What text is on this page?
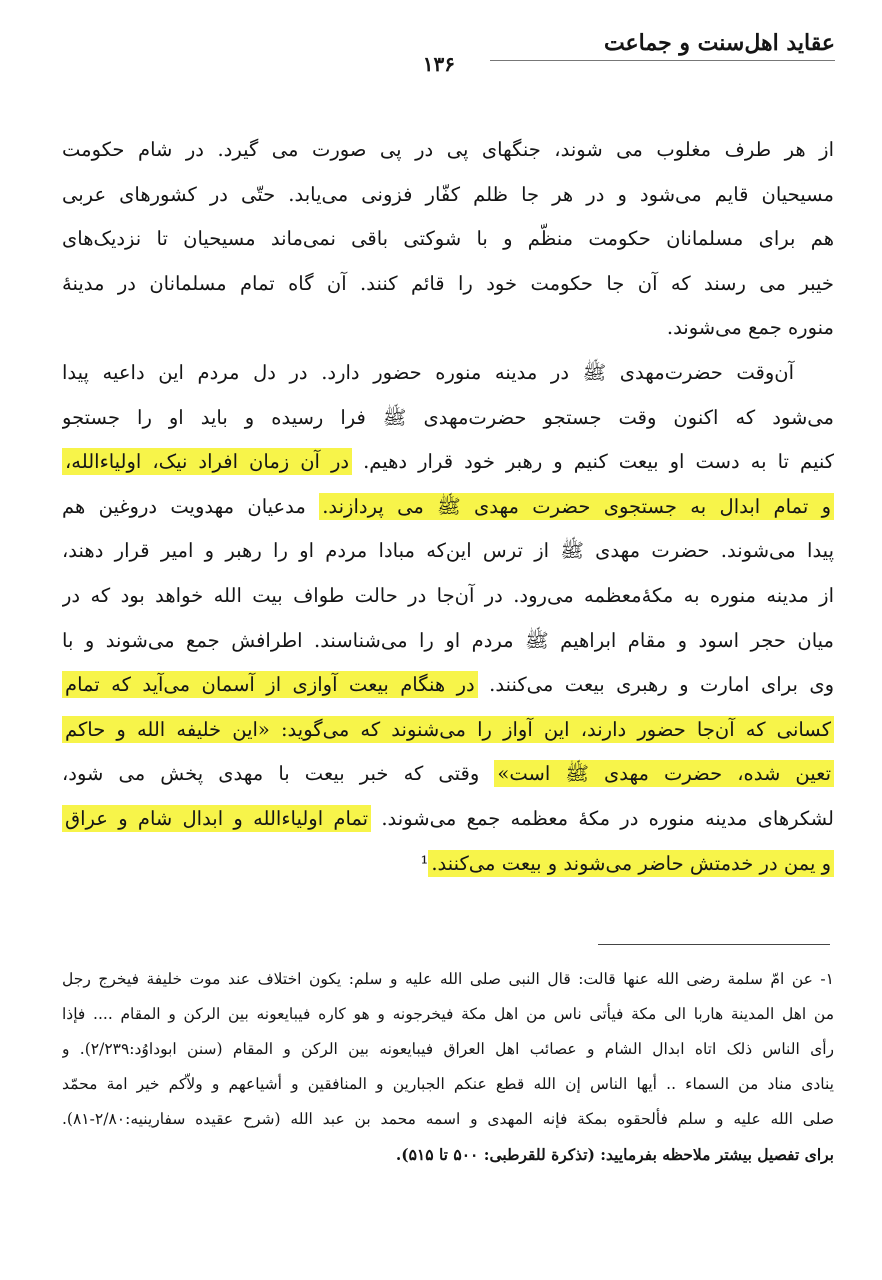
عقاید اهل‌سنت و جماعت
۱۳۶
از هر طرف مغلوب می‌ شوند، جنگهای پی در پی صورت می گیرد. در شام حکومت
مسیحیان قایم می‌شود و در هر جا ظلم کفّار فزونی می‌یابد. حتّی در کشورهای عربی
هم برای مسلمانان حکومت منظّم و با شوکتی باقی نمی‌ماند مسیحیان تا نزدیک‌های
خیبر می رسند که آن جا حکومت خود را قائم کنند. آن گاه تمام مسلمانان در مدینهٔ
منوره جمع می‌شوند.
آن‌وقت حضرت‌مهدی ﷺ در مدینه منوره حضور دارد. در دل مردم این داعیه پیدا
می‌شود که اکنون وقت جستجو حضرت‌مهدی ﷺ فرا رسیده و باید او را جستجو
کنیم تا به دست او بیعت کنیم و رهبر خود قرار دهیم. در آن زمان افراد نیک، اولیاءالله،
و تمام ابدال به جستجوی حضرت مهدی ﷺ می پردازند. مدعیان مهدویت دروغین هم
پیدا می‌شوند. حضرت مهدی ﷺ از ترس این‌که مبادا مردم او را رهبر و امیر قرار دهند،
از مدینه منوره به مکهٔ‌معظمه می‌رود. در آن‌جا در حالت طواف بیت الله خواهد بود که در
میان حجر اسود و مقام ابراهیم ﷺ مردم او را می‌شناسند. اطرافش جمع می‌شوند و با
وی برای امارت و رهبری بیعت می‌کنند. در هنگام بیعت آوازی از آسمان می‌آید که تمام
کسانی که آن‌جا حضور دارند، این آواز را می‌شنوند که می‌گوید: «این خلیفه الله و حاکم
تعین شده، حضرت مهدی ﷺ است» وقتی که خبر بیعت با مهدی پخش می شود،
لشکرهای مدینه منوره در مکهٔ معظمه جمع می‌شوند. تمام اولیاءالله و ابدال شام و عراق
و یمن در خدمتش حاضر می‌شوند و بیعت می‌کنند.¹
۱- عن امّ سلمة رضی الله عنها قالت: قال النبی صلی الله علیه و سلم: یکون اختلاف عند موت خلیفة فیخرج رجل
من اهل المدینة هاربا الی مکة فیأتی ناس من اهل مکة فیخرجونه و هو کاره فیبایعونه بین الرکن و المقام .... فإذا
رأی الناس ذلک اتاه ابدال الشام و عصائب اهل العراق فیبایعونه بین الرکن و المقام (سنن ابوداوُد:۲/۲۳۹). و
ینادی مناد من السماء .. أیها الناس إن الله قطع عنکم الجبارین و المنافقین و أشیاعهم و ولاّکم خیر امة محمّد
صلی الله علیه و سلم فألحقوه بمکة فإنه المهدی و اسمه محمد بن عبد الله (شرح عقیده سفارینیه:۲/۸۰-۸۱).
برای تفصیل بیشتر ملاحظه بفرمایید: (تذکرة للقرطبی: ۵۰۰ تا ۵۱۵).
